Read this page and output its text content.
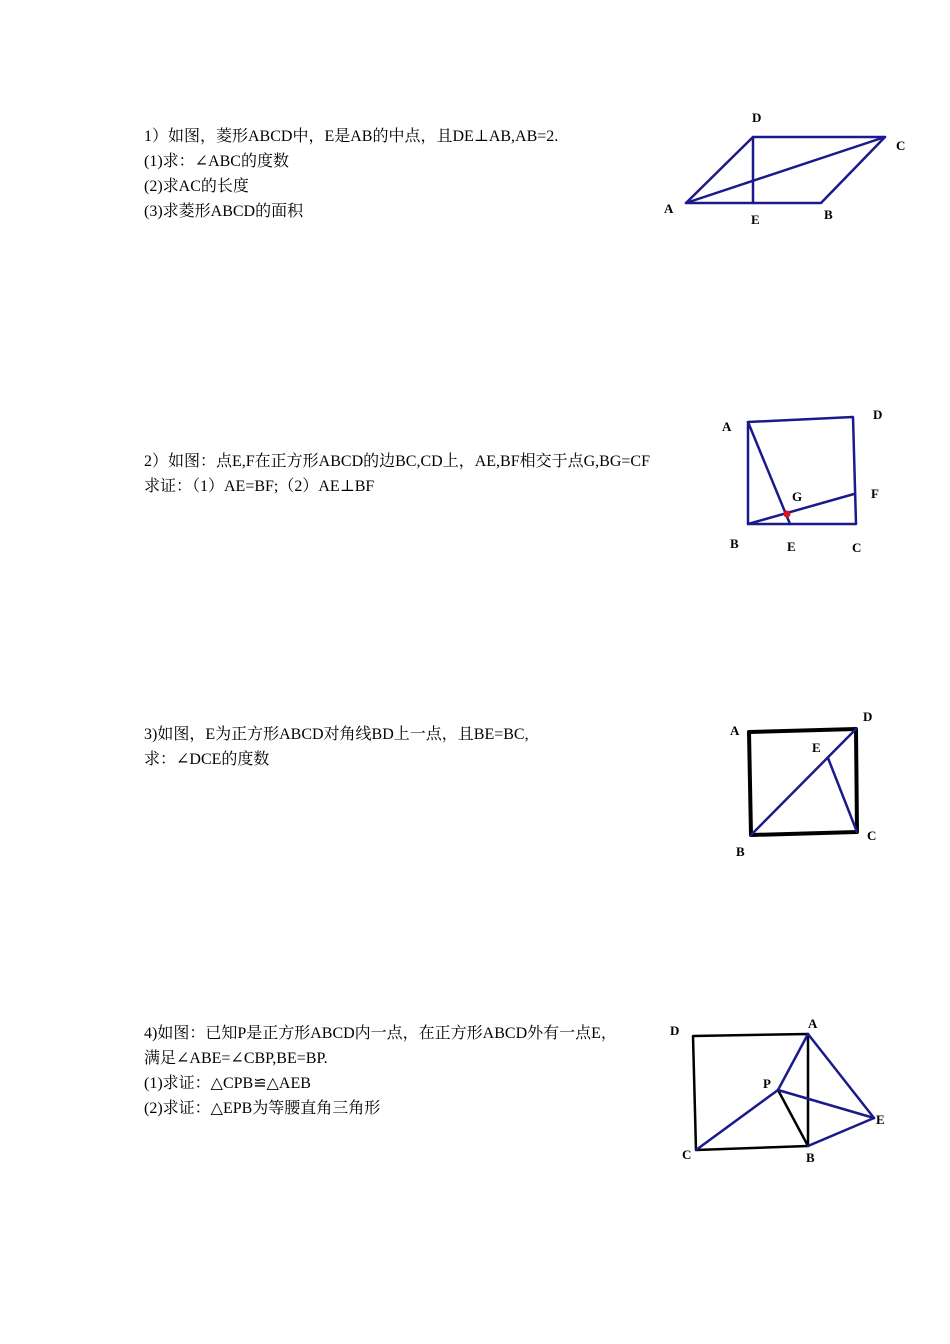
1）如图，菱形ABCD中，E是AB的中点，且DE⊥AB,AB=2.
(1)求：∠ABC的度数
(2)求AC的长度
(3)求菱形ABCD的面积	A	B
C
D
E
2）如图：点E,F在正方形ABCD的边BC,CD上，AE,BF相交于点G,BG=CF
求证：（1）AE=BF;（2）AE⊥BF
A
B	C
D
E
F
G
3)如图，E为正方形ABCD对角线BD上一点，且BE=BC,
求：∠DCE的度数
A
B
C
D
E
4)如图：已知P是正方形ABCD内一点，在正方形ABCD外有一点E，
满足∠ABE=∠CBP,BE=BP.
(1)求证：△CPB≌△AEB
(2)求证：△EPB为等腰直角三角形
D	A
P
E
C	B
